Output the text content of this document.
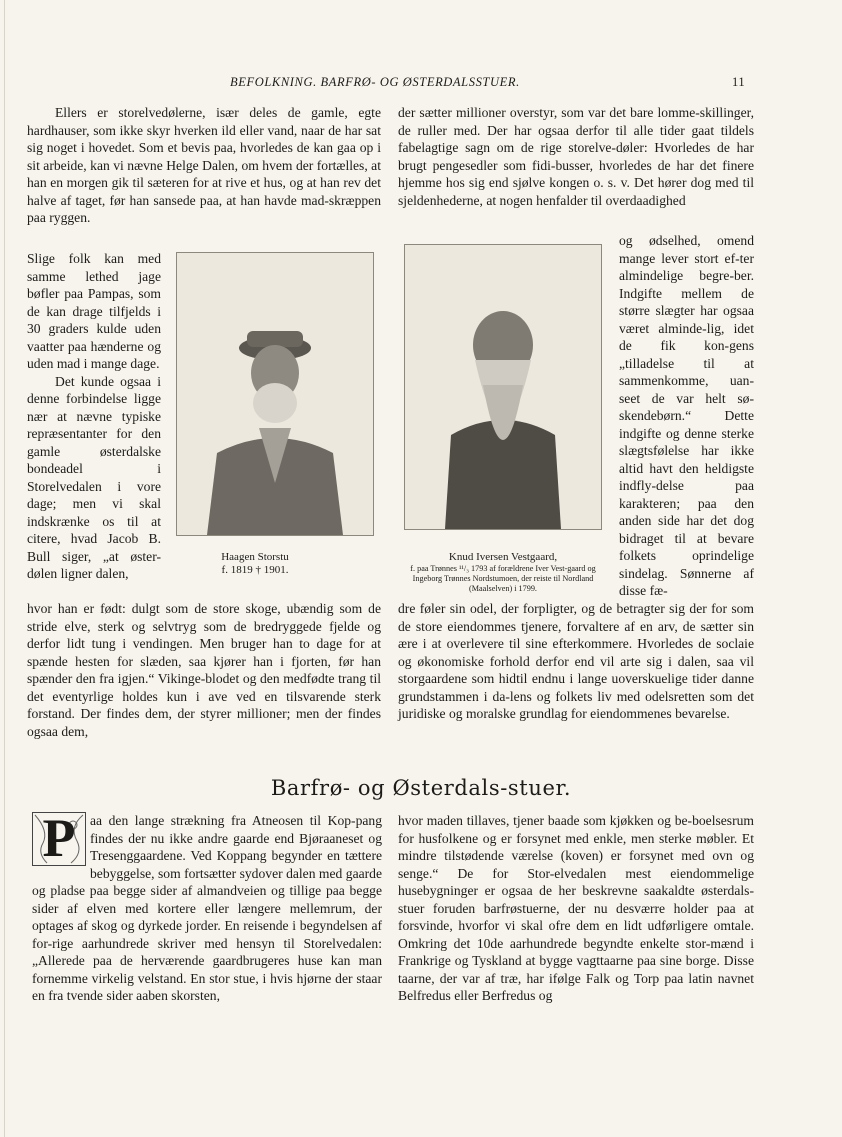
BEFOLKNING. BARFRØ- OG ØSTERDALSSTUER.	11

Ellers er storelvedølerne, især deles de gamle, egte hardhauser, som ikke skyr hverken ild eller vand, naar de har sat sig noget i hovedet. Som et bevis paa, hvorledes de kan gaa op i sit arbeide, kan vi nævne Helge Dalen, om hvem der fortælles, at han en morgen gik til sæteren for at rive et hus, og at han rev det halve af taget, før han sansede paa, at han havde mad-skræppen paa ryggen.

Slige folk kan med samme lethed jage bøfler paa Pampas, som de kan drage tilfjelds i 30 graders kulde uden vaatter paa hænderne og uden mad i mange dage.

Det kunde ogsaa i denne forbindelse ligge nær at nævne typiske repræsentanter for den gamle østerdalske bondeadel i Storelvedalen i vore dage; men vi skal indskrænke os til at citere, hvad Jacob B. Bull siger, „at øster-dølen ligner dalen,

Haagen Storstu
f. 1819 † 1901.

hvor han er født: dulgt som de store skoge, ubændig som de stride elve, sterk og selvtryg som de bredryggede fjelde og derfor lidt tung i vendingen. Men bruger han to dage for at spænde hesten for slæden, saa kjører han i fjorten, før han spænder den fra igjen.“ Vikinge-blodet og den medfødte trang til det eventyrlige holdes kun i ave ved en tilsvarende sterk forstand. Der findes dem, der styrer millioner; men der findes ogsaa dem,

der sætter millioner overstyr, som var det bare lomme-skillinger, de ruller med. Der har ogsaa derfor til alle tider gaat tildels fabelagtige sagn om de rige storelve-døler: Hvorledes de har brugt pengesedler som fidi-busser, hvorledes de har det finere hjemme hos sig end sjølve kongen o. s. v. Det hører dog med til sjeldenhederne, at nogen henfalder til overdaadighed

Knud Iversen Vestgaard,
f. paa Trønnes ¹¹/₃ 1793 af forældrene Iver Vest-gaard og Ingeborg Trønnes Nordstumoen, der reiste til Nordland (Maalselven) i 1799.

og ødselhed, omend mange lever stort ef-ter almindelige begre-ber. Indgifte mellem de større slægter har ogsaa været alminde-lig, idet de fik kon-gens „tilladelse til at sammenkomme, uan-seet de var helt sø-skendebørn.“ Dette indgifte og denne sterke slægtsfølelse har ikke altid havt den heldigste indfly-delse paa karakteren; paa den anden side har det dog bidraget til at bevare folkets oprindelige sindelag. Sønnerne af disse fæ-

dre føler sin odel, der forpligter, og de betragter sig der for som de store eiendommes tjenere, forvaltere af en arv, de sætter sin ære i at overlevere til sine efterkommere. Hvorledes de soclaie og økonomiske forhold derfor end vil arte sig i dalen, saa vil storgaardene som hidtil endnu i lange uoverskuelige tider danne grundstammen i da-lens og folkets liv med odelsretten som det juridiske og moralske grundlag for eiendommenes bevarelse.

Barfrø- og Østerdals-stuer.
P	aa den lange strækning fra Atneosen til Kop-pang findes der nu ikke andre gaarde end Bjøraaneset og Tresenggaardene. Ved Koppang begynder en tættere bebyggelse, som fortsætter sydover dalen med gaarde og pladse paa begge sider af almandveien og tillige paa begge sider af elven med kortere eller længere mellemrum, der optages af skog og dyrkede jorder. En reisende i begyndelsen af for-rige aarhundrede skriver med hensyn til Storelvedalen: „Allerede paa de herværende gaardbrugeres huse kan man fornemme virkelig velstand. En stor stue, i hvis hjørne der staar en fra tvende sider aaben skorsten,

hvor maden tillaves, tjener baade som kjøkken og be-boelsesrum for husfolkene og er forsynet med enkle, men sterke møbler. Et mindre tilstødende værelse (koven) er forsynet med ovn og senge.“ De for Stor-elvedalen mest eiendommelige husebygninger er ogsaa de her beskrevne saakaldte østerdals-stuer foruden barfrøstuerne, der nu desværre holder paa at forsvinde, hvorfor vi skal ofre dem en lidt udførligere omtale. Omkring det 10de aarhundrede begyndte enkelte stor-mænd i Frankrige og Tyskland at bygge vagttaarne paa sine borge. Disse taarne, der var af træ, har ifølge Falk og Torp paa latin navnet Belfredus eller Berfredus og
